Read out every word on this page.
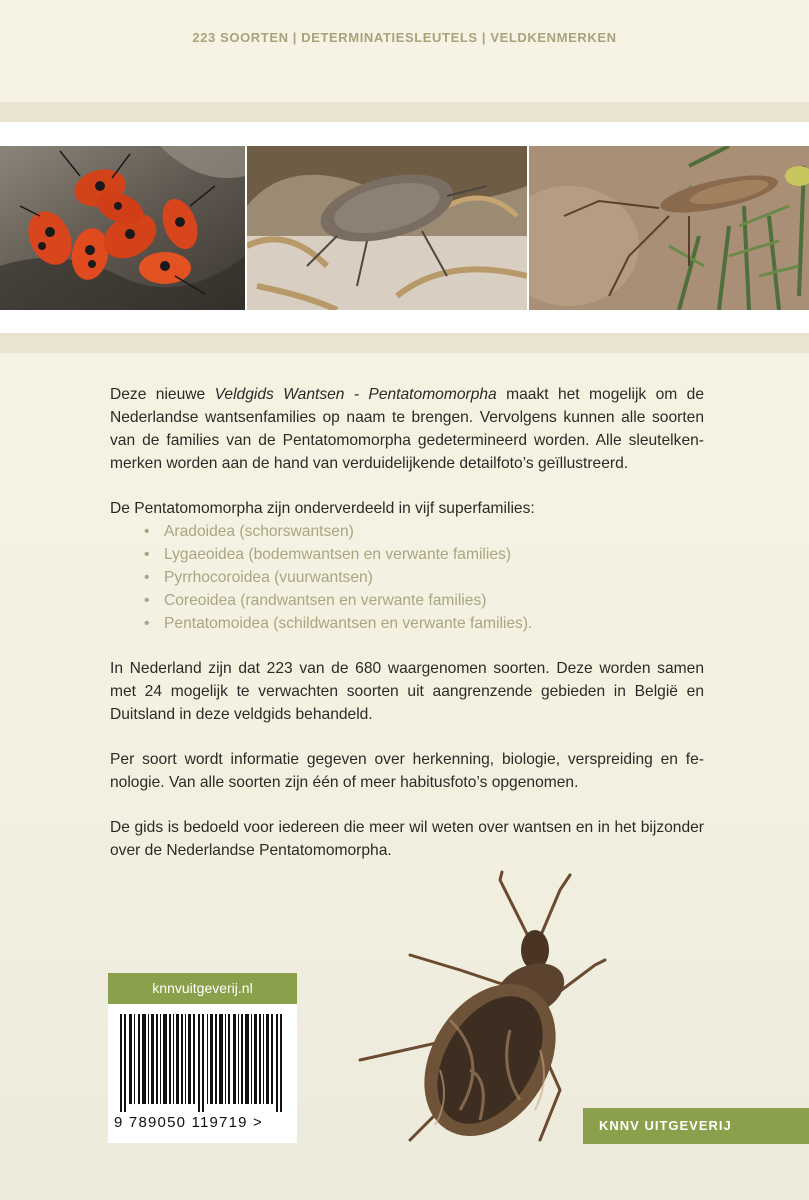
223 SOORTEN | DETERMINATIESLEUTELS | VELDKENMERKEN

Deze nieuwe Veldgids Wantsen - Pentatomomorpha maakt het mogelijk om de Nederlandse wantsenfamilies op naam te brengen. Vervolgens kunnen alle soorten van de families van de Pentatomomorpha gedetermineerd worden. Alle sleutelkenmerken worden aan de hand van verduidelijkende detailfoto’s geïllustreerd.

De Pentatomomorpha zijn onderverdeeld in vijf superfamilies:

• Aradoidea (schorswantsen)
• Lygaeoidea (bodemwantsen en verwante families)
• Pyrrhocoroidea (vuurwantsen)
• Coreoidea (randwantsen en verwante families)
• Pentatomoidea (schildwantsen en verwante families).

In Nederland zijn dat 223 van de 680 waargenomen soorten. Deze worden samen met 24 mogelijk te verwachten soorten uit aangrenzende gebieden in België en Duitsland in deze veldgids behandeld.

Per soort wordt informatie gegeven over herkenning, biologie, verspreiding en fenologie. Van alle soorten zijn één of meer habitusfoto’s opgenomen.

De gids is bedoeld voor iedereen die meer wil weten over wantsen en in het bijzonder over de Nederlandse Pentatomomorpha.

knnvuitgeverij.nl
9 789050 119719 >	KNNV UITGEVERIJ
